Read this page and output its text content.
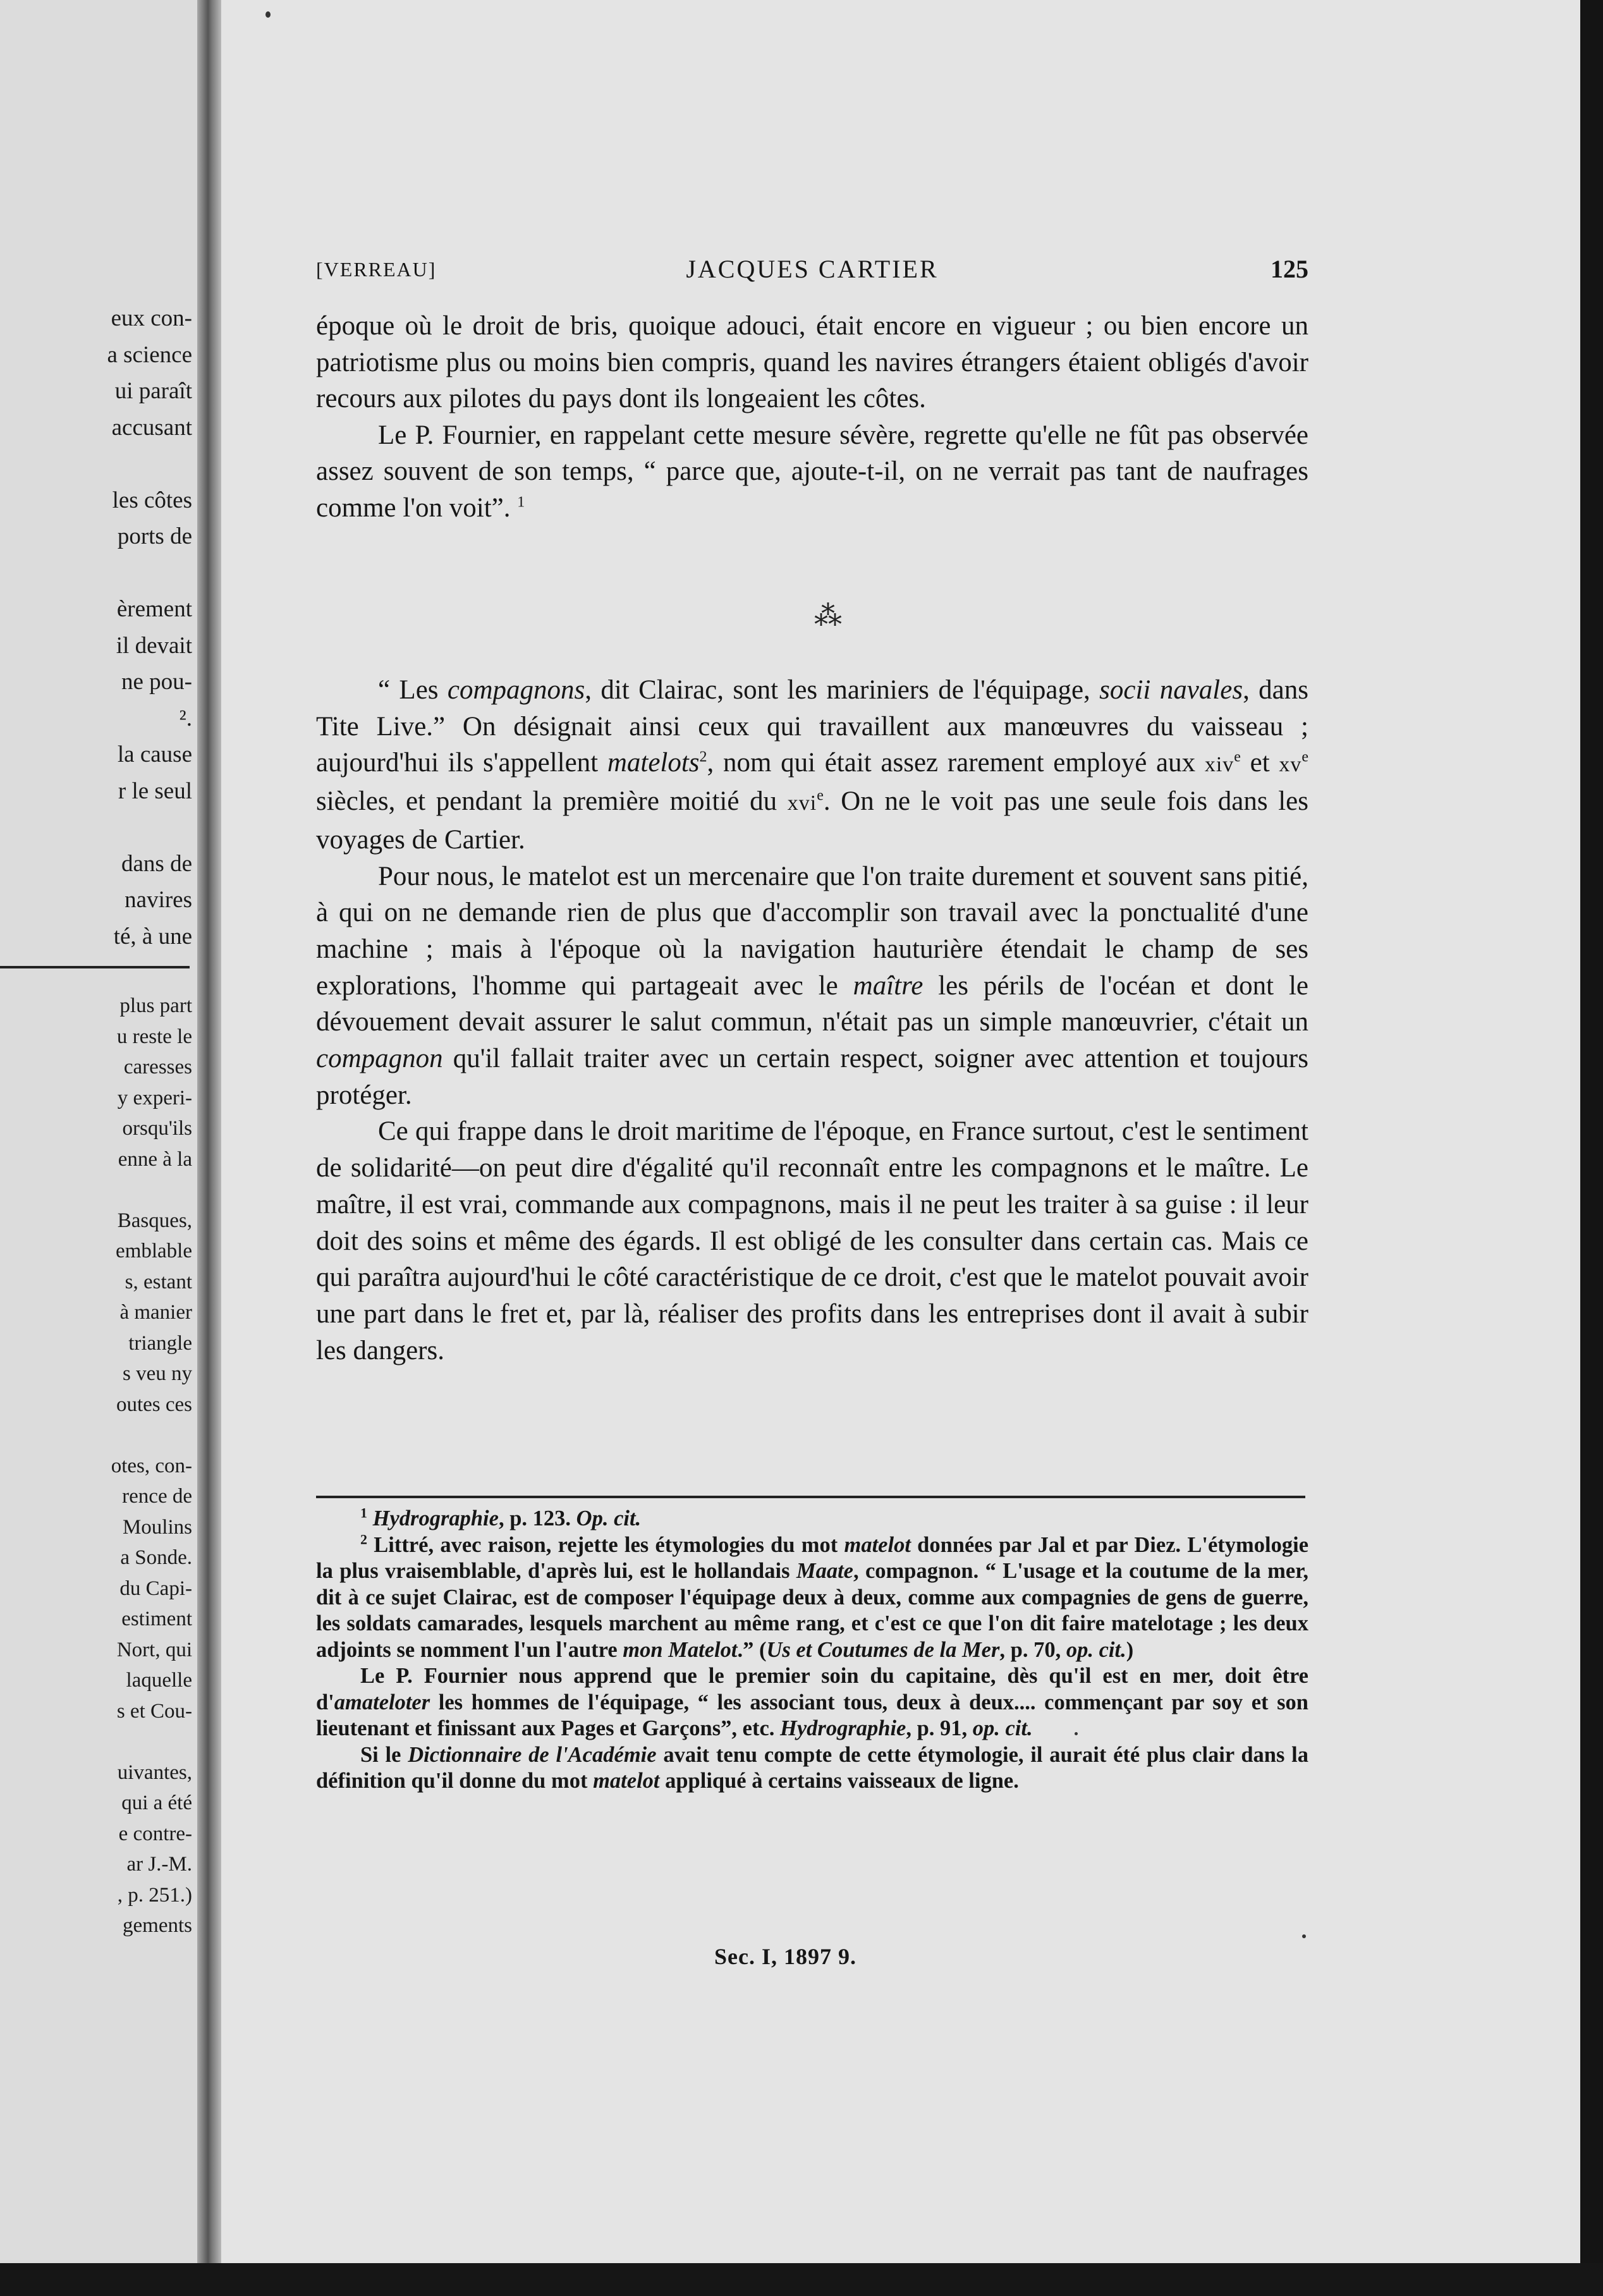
eux con-
a science
ui paraît
accusant
les côtes
ports de
èrement
il devait
ne pou-
².
la cause
r le seul
dans de
navires
té, à une
plus part
u reste le
caresses
y experi-
orsqu'ils
enne à la
Basques,
emblable
s, estant
à manier
triangle
s veu ny
outes ces
otes, con-
rence de
Moulins
a Sonde.
du Capi-
estiment
Nort, qui
laquelle
s et Cou-
uivantes,
qui a été
e contre-
ar J.-M.
, p. 251.)
gements
[VERREAU]	JACQUES CARTIER	125

époque où le droit de bris, quoique adouci, était encore en vigueur ; ou bien encore un patriotisme plus ou moins bien compris, quand les navires étrangers étaient obligés d'avoir recours aux pilotes du pays dont ils longeaient les côtes.

Le P. Fournier, en rappelant cette mesure sévère, regrette qu'elle ne fût pas observée assez souvent de son temps, “ parce que, ajoute-t-il, on ne verrait pas tant de naufrages comme l'on voit”. $^1$

⁂

“ Les compagnons, dit Clairac, sont les mariniers de l'équipage, socii navales, dans Tite Live.” On désignait ainsi ceux qui travaillent aux manœuvres du vaisseau ; aujourd'hui ils s'appellent matelots$^2$, nom qui était assez rarement employé aux xiv$^e$ et $xv^e$ siècles, et pendant la première moitié du xvi$^e$. On ne le voit pas une seule fois dans les voyages de Cartier.

Pour nous, le matelot est un mercenaire que l'on traite durement et souvent sans pitié, à qui on ne demande rien de plus que d'accomplir son travail avec la ponctualité d'une machine ; mais à l'époque où la navigation hauturière étendait le champ de ses explorations, l'homme qui partageait avec le maître les périls de l'océan et dont le dévouement devait assurer le salut commun, n'était pas un simple manœuvrier, c'était un compagnon qu'il fallait traiter avec un certain respect, soigner avec attention et toujours protéger.

Ce qui frappe dans le droit maritime de l'époque, en France surtout, c'est le sentiment de solidarité—on peut dire d'égalité qu'il reconnaît entre les compagnons et le maître. Le maître, il est vrai, commande aux compagnons, mais il ne peut les traiter à sa guise : il leur doit des soins et même des égards. Il est obligé de les consulter dans certain cas. Mais ce qui paraîtra aujourd'hui le côté caractéristique de ce droit, c'est que le matelot pouvait avoir une part dans le fret et, par là, réaliser des profits dans les entreprises dont il avait à subir les dangers.

$^1$ Hydrographie, p. 123. Op. cit.

$^2$ Littré, avec raison, rejette les étymologies du mot matelot données par Jal et par Diez. L'étymologie la plus vraisemblable, d'après lui, est le hollandais Maate, compagnon. “ L'usage et la coutume de la mer, dit à ce sujet Clairac, est de composer l'équipage deux à deux, comme aux compagnies de gens de guerre, les soldats camarades, lesquels marchent au même rang, et c'est ce que l'on dit faire matelotage ; les deux adjoints se nomment l'un l'autre mon Matelot.” (Us et Coutumes de la Mer, p. 70, op. cit.)

Le P. Fournier nous apprend que le premier soin du capitaine, dès qu'il est en mer, doit être d'amateloter les hommes de l'équipage, “ les associant tous, deux à deux.... commençant par soy et son lieutenant et finissant aux Pages et Garçons”, etc. Hydrographie, p. 91, op. cit.

Si le Dictionnaire de l'Académie avait tenu compte de cette étymologie, il aurait été plus clair dans la définition qu'il donne du mot matelot appliqué à certains vaisseaux de ligne.

Sec. I, 1897 9.
